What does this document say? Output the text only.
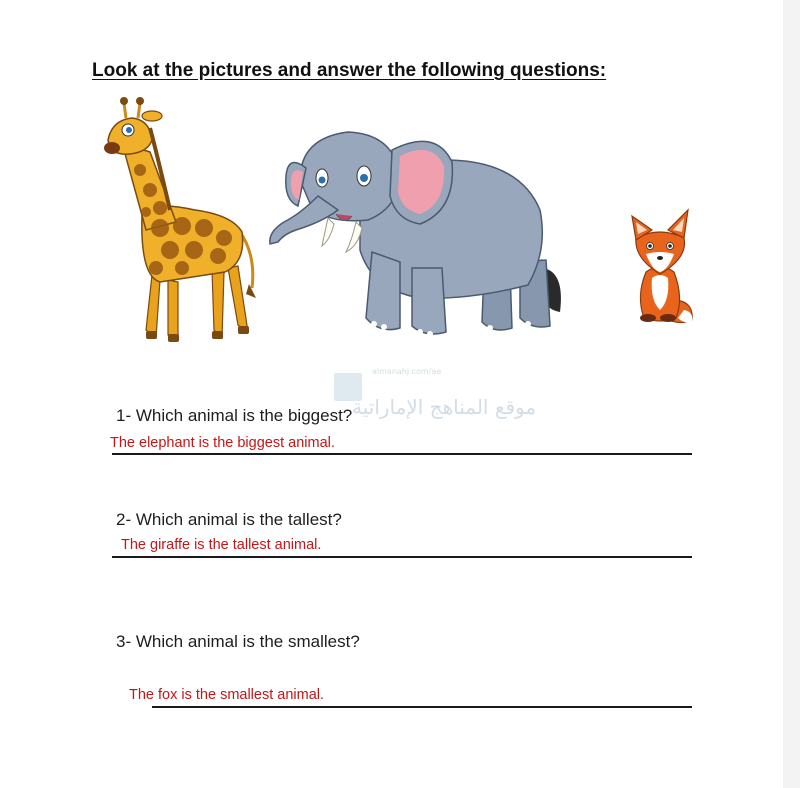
Look at the pictures and answer the following questions:
almanahj.com/ae
موقع المناهج الإماراتية
1- Which animal is the biggest?
The elephant is the biggest animal.
2- Which animal is the tallest?
The giraffe is the tallest animal.
3- Which animal is the smallest?
The fox is the smallest animal.
